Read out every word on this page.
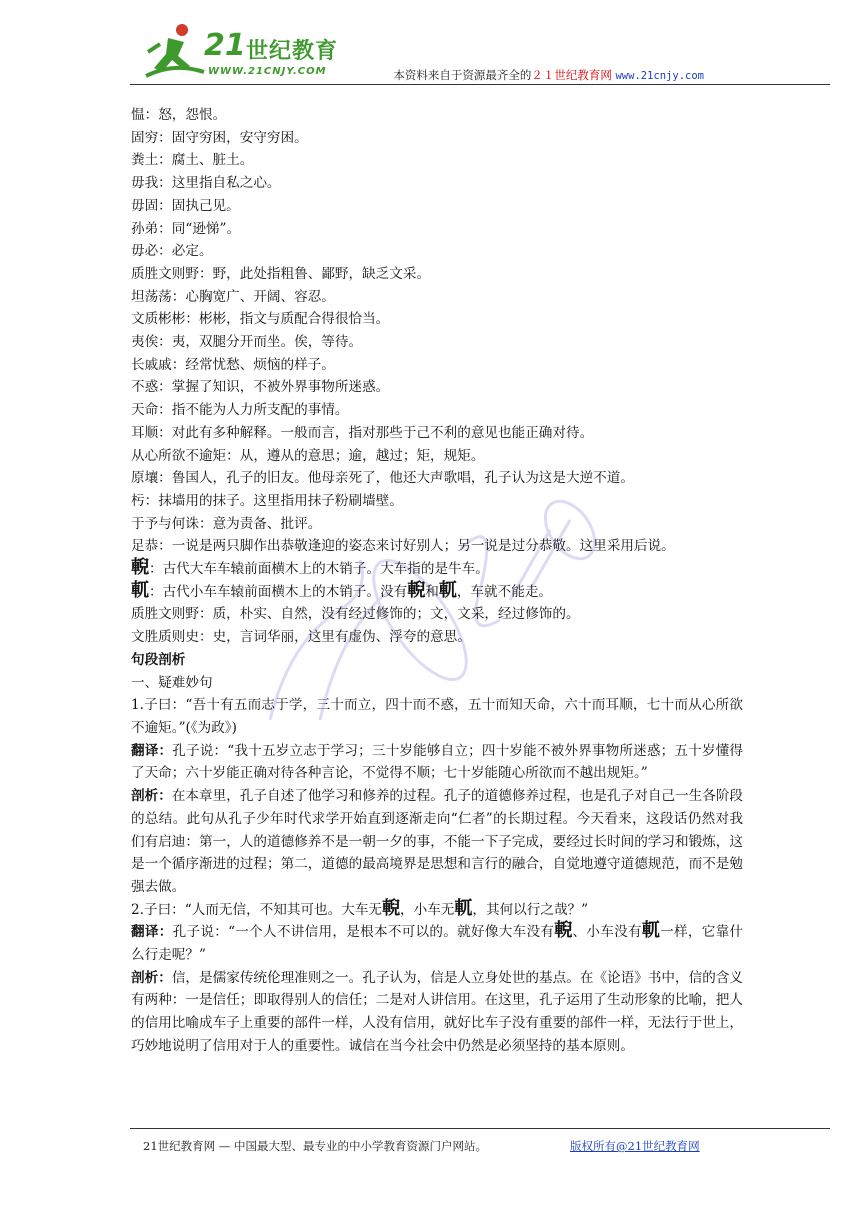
21 世纪教育
WWW.21CNJY.COM	本资料来自于资源最齐全的２１世纪教育网 www.21cnjy.com

愠：怒，怨恨。

固穷：固守穷困，安守穷困。

粪土：腐土、脏土。

毋我：这里指自私之心。

毋固：固执己见。

孙弟：同“逊悌”。

毋必：必定。

质胜文则野：野，此处指粗鲁、鄙野，缺乏文采。

坦荡荡：心胸宽广、开阔、容忍。

文质彬彬：彬彬，指文与质配合得很恰当。

夷俟：夷，双腿分开而坐。俟，等待。

长戚戚：经常忧愁、烦恼的样子。

不惑：掌握了知识，不被外界事物所迷惑。

天命：指不能为人力所支配的事情。

耳顺：对此有多种解释。一般而言，指对那些于己不利的意见也能正确对待。

从心所欲不逾矩：从，遵从的意思；逾，越过；矩，规矩。

原壤：鲁国人，孔子的旧友。他母亲死了，他还大声歌唱，孔子认为这是大逆不道。

杇：抹墙用的抹子。这里指用抹子粉刷墙壁。

于予与何诛：意为责备、批评。

足恭：一说是两只脚作出恭敬逢迎的姿态来讨好别人；另一说是过分恭敬。这里采用后说。

輗：古代大车车辕前面横木上的木销子。大车指的是牛车。

軏：古代小车车辕前面横木上的木销子。没有輗和軏，车就不能走。

质胜文则野：质，朴实、自然，没有经过修饰的；文，文采，经过修饰的。

文胜质则史：史，言词华丽，这里有虚伪、浮夸的意思。

句段剖析

一、疑难妙句

1.子曰：“吾十有五而志于学，三十而立，四十而不惑，五十而知天命，六十而耳顺，七十而从心所欲不逾矩。”(《为政》)

翻译：孔子说：“我十五岁立志于学习；三十岁能够自立；四十岁能不被外界事物所迷惑；五十岁懂得了天命；六十岁能正确对待各种言论，不觉得不顺；七十岁能随心所欲而不越出规矩。”

剖析：在本章里，孔子自述了他学习和修养的过程。孔子的道德修养过程，也是孔子对自己一生各阶段的总结。此句从孔子少年时代求学开始直到逐渐走向“仁者”的长期过程。今天看来，这段话仍然对我们有启迪：第一，人的道德修养不是一朝一夕的事，不能一下子完成，要经过长时间的学习和锻炼，这是一个循序渐进的过程；第二，道德的最高境界是思想和言行的融合，自觉地遵守道德规范，而不是勉强去做。

2.子曰：“人而无信，不知其可也。大车无輗，小车无軏，其何以行之哉？”

翻译：孔子说：“一个人不讲信用，是根本不可以的。就好像大车没有輗、小车没有軏一样，它靠什么行走呢？”

剖析：信，是儒家传统伦理准则之一。孔子认为，信是人立身处世的基点。在《论语》书中，信的含义有两种：一是信任；即取得别人的信任；二是对人讲信用。在这里，孔子运用了生动形象的比喻，把人的信用比喻成车子上重要的部件一样，人没有信用，就好比车子没有重要的部件一样，无法行于世上，巧妙地说明了信用对于人的重要性。诚信在当今社会中仍然是必须坚持的基本原则。

21世纪教育网 — 中国最大型、最专业的中小学教育资源门户网站。	版权所有@21世纪教育网
